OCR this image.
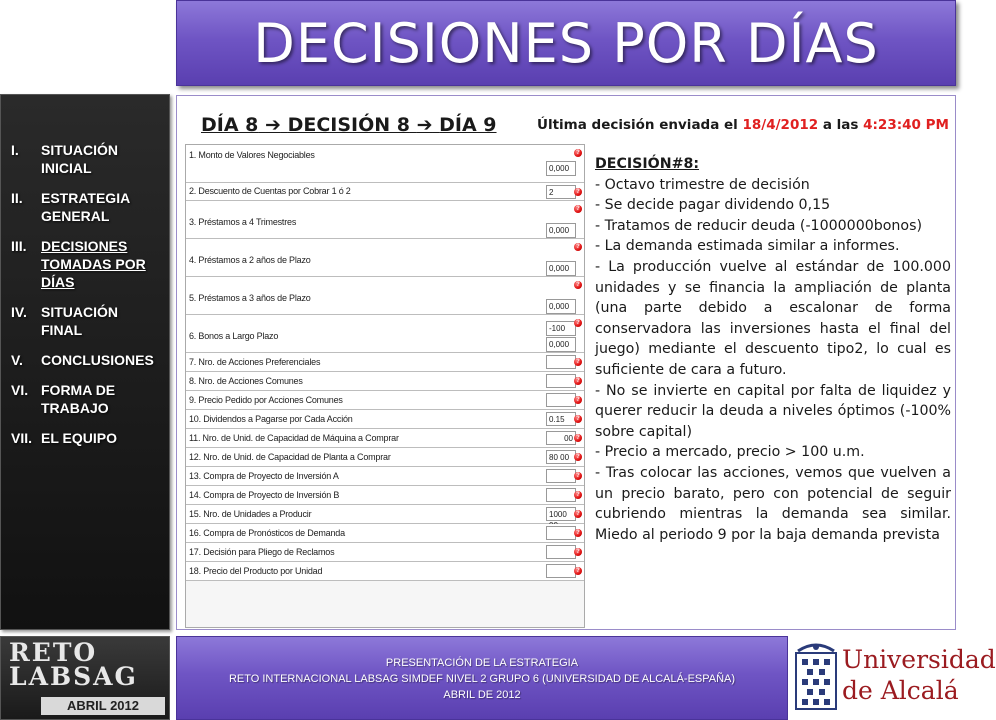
DECISIONES POR DÍAS
I.	SITUACIÓN INICIAL
II.	ESTRATEGIA GENERAL
III.	DECISIONES TOMADAS POR DÍAS
IV.	SITUACIÓN FINAL
V.	CONCLUSIONES
VI. FORMA DE TRABAJO
VII. EL EQUIPO
DÍA 8 ➔ DECISIÓN 8 ➔ DÍA 9	Última decisión enviada el 18/4/2012 a las 4:23:40 PM
1. Monto de Valores Negociables
0,000
?
2. Descuento de Cuentas por Cobrar 1 ó 2	2	?
3. Préstamos a 4 Trimestres
0,000
?
4. Préstamos a 2 años de Plazo
0,000
?
5. Préstamos a 3 años de Plazo
0,000
?
6. Bonos a Largo Plazo
-100
0,000
?
7. Nro. de Acciones Preferenciales	?
8. Nro. de Acciones Comunes	?
9. Precio Pedido por Acciones Comunes	?
10. Dividendos a Pagarse por Cada Acción	0.15	?
11. Nro. de Unid. de Capacidad de Máquina a Comprar	00 ?
12. Nro. de Unid. de Capacidad de Planta a Comprar	80 00	?
13. Compra de Proyecto de Inversión A	?
14. Compra de Proyecto de Inversión B	?
15. Nro. de Unidades a Producir	1000	?
16. Compra de Pronósticos de Demanda	?
17. Decisión para Pliego de Reclamos	?
18. Precio del Producto por Unidad	?
DECISIÓN#8:

- Octavo trimestre de decisión

- Se decide pagar dividendo 0,15

- Tratamos de reducir deuda (-1000000bonos)

- La demanda estimada similar a informes.

- La producción vuelve al estándar de 100.000 unidades y se financia la ampliación de planta (una parte debido a escalonar de forma conservadora las inversiones hasta el final del juego) mediante el descuento tipo2, lo cual es suficiente de cara a futuro.

- No se invierte en capital por falta de liquidez y querer reducir la deuda a niveles óptimos (-100% sobre capital)

- Precio a mercado, precio > 100 u.m.

- Tras colocar las acciones, vemos que vuelven a un precio barato, pero con potencial de seguir cubriendo mientras la demanda sea similar. Miedo al periodo 9 por la baja demanda prevista

RETO
LABSAG
ABRIL 2012
PRESENTACIÓN DE LA ESTRATEGIA
RETO INTERNACIONAL LABSAG SIMDEF NIVEL 2 GRUPO 6 (UNIVERSIDAD DE ALCALÁ-ESPAÑA)
ABRIL DE 2012
Universidad
de Alcalá
